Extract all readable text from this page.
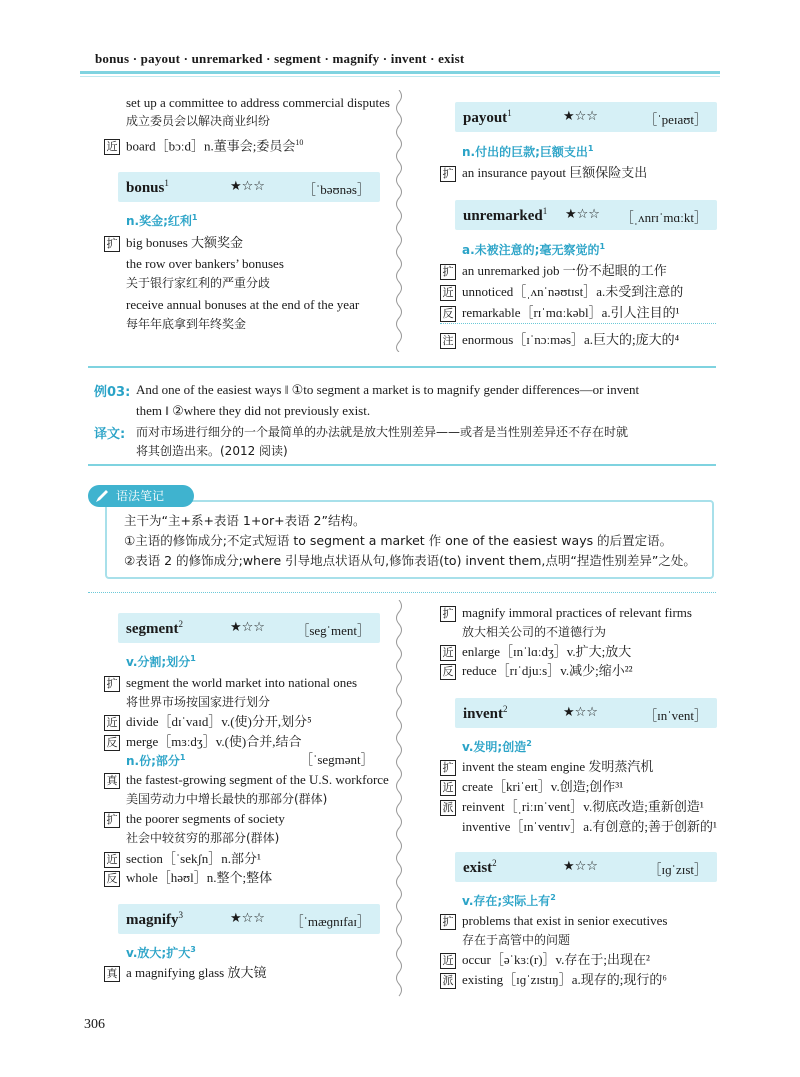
bonus · payout · unremarked · segment · magnify · invent · exist
set up a committee to address commercial disputes
成立委员会以解决商业纠纷
近 board［bɔːd］n.董事会;委员会$^{10}$
bonus$^1$	★☆☆	［ˈbəʊnəs］
n.奖金;红利$^1$
扩 big bonuses 大额奖金
the row over bankers’ bonuses
关于银行家红利的严重分歧
receive annual bonuses at the end of the year
每年年底拿到年终奖金
payout$^1$	★☆☆	［ˈpeɪaʊt］
n.付出的巨款;巨额支出$^1$
扩 an insurance payout 巨额保险支出
unremarked$^1$ ★☆☆ ［ˌʌnrɪˈmɑːkt］
a.未被注意的;毫无察觉的$^1$
扩 an unremarked job 一份不起眼的工作
近 unnoticed［ˌʌnˈnəʊtɪst］a.未受到注意的
反 remarkable［rɪˈmɑːkəbl］a.引人注目的¹
注 enormous［ɪˈnɔːməs］a.巨大的;庞大的⁴
例03: And one of the easiest ways ‖ ①to segment a market is to magnify gender differences—or invent
them ‖ ②where they did not previously exist.
译文: 而对市场进行细分的一个最简单的办法就是放大性别差异——或者是当性别差异还不存在时就
将其创造出来。(2012 阅读)
语法笔记
主干为“主+系+表语 1+or+表语 2”结构。
①主语的修饰成分;不定式短语 to segment a market 作 one of the easiest ways 的后置定语。
②表语 2 的修饰成分;where 引导地点状语从句,修饰表语(to) invent them,点明“捏造性别差异”之处。
segment$^2$	★☆☆ ［segˈment］
v.分割;划分$^1$
扩 segment the world market into national ones
将世界市场按国家进行划分
近 divide［dɪˈvaɪd］v.(使)分开,划分⁵
反 merge［mɜːdʒ］v.(使)合并,结合
n.份;部分$^1$	［ˈsegmənt］
真 the fastest-growing segment of the U.S. workforce
美国劳动力中增长最快的那部分(群体)
扩 the poorer segments of society
社会中较贫穷的那部分(群体)
近 section［ˈsekʃn］n.部分¹
反 whole［həʊl］n.整个;整体
magnify$^3$	★☆☆ ［ˈmæɡnɪfaɪ］
v.放大;扩大$^3$
真 a magnifying glass 放大镜
扩 magnify immoral practices of relevant firms
放大相关公司的不道德行为
近 enlarge［ɪnˈlɑːdʒ］v.扩大;放大
反 reduce［rɪˈdjuːs］v.减少;缩小²²
invent$^2$	★☆☆	［ɪnˈvent］
v.发明;创造$^2$
扩 invent the steam engine 发明蒸汽机
近 create［kriˈeɪt］v.创造;创作³¹
派 reinvent［ˌriːɪnˈvent］v.彻底改造;重新创造¹
inventive［ɪnˈventɪv］a.有创意的;善于创新的¹
exist$^2$	★☆☆	［ɪɡˈzɪst］
v.存在;实际上有$^2$
扩 problems that exist in senior executives
存在于高管中的问题
近 occur［əˈkɜː(r)］v.存在于;出现在²
派 existing［ɪɡˈzɪstɪŋ］a.现存的;现行的⁶
306
